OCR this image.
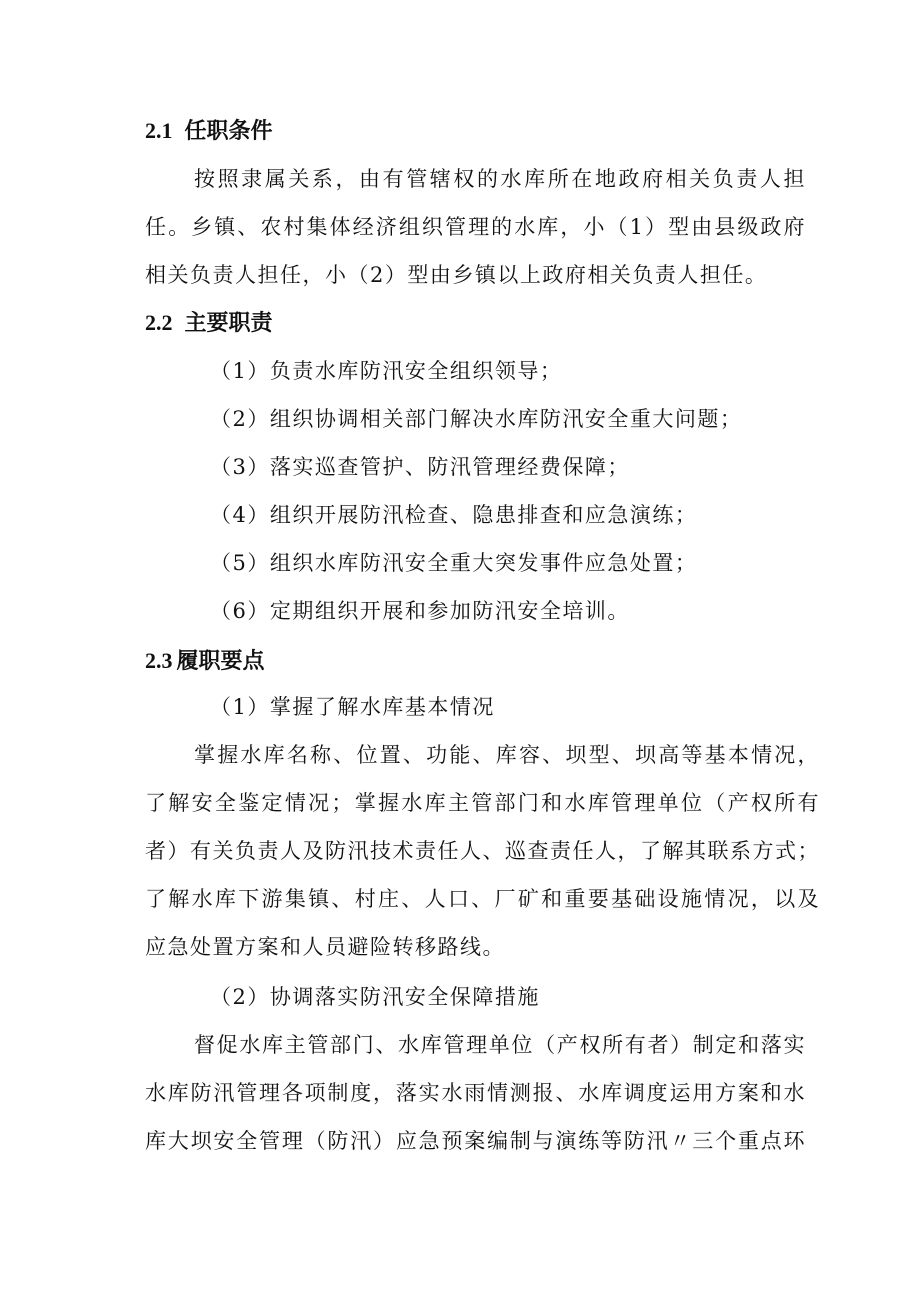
2.1 任职条件
按照隶属关系，由有管辖权的水库所在地政府相关负责人担
任。乡镇、农村集体经济组织管理的水库，小（1）型由县级政府
相关负责人担任，小（2）型由乡镇以上政府相关负责人担任。
2.2 主要职责
（1）负责水库防汛安全组织领导；
（2）组织协调相关部门解决水库防汛安全重大问题；
（3）落实巡查管护、防汛管理经费保障；
（4）组织开展防汛检查、隐患排查和应急演练；
（5）组织水库防汛安全重大突发事件应急处置；
（6）定期组织开展和参加防汛安全培训。
2.3 履职要点
（1）掌握了解水库基本情况
掌握水库名称、位置、功能、库容、坝型、坝高等基本情况，
了解安全鉴定情况；掌握水库主管部门和水库管理单位（产权所有
者）有关负责人及防汛技术责任人、巡查责任人，了解其联系方式；
了解水库下游集镇、村庄、人口、厂矿和重要基础设施情况，以及
应急处置方案和人员避险转移路线。
（2）协调落实防汛安全保障措施
督促水库主管部门、水库管理单位（产权所有者）制定和落实
水库防汛管理各项制度，落实水雨情测报、水库调度运用方案和水
库大坝安全管理（防汛）应急预案编制与演练等防汛〃三个重点环
